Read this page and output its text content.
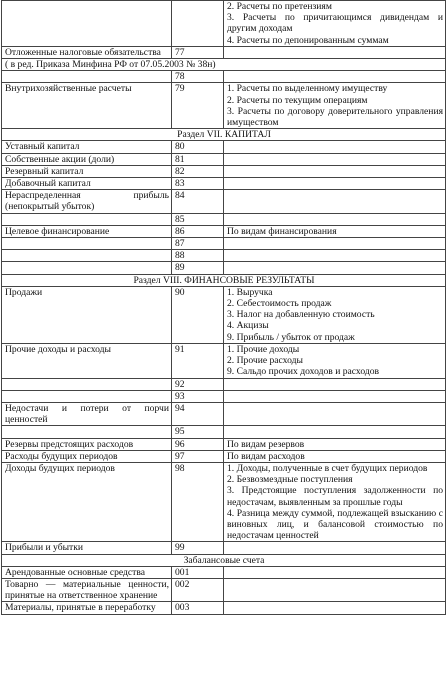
		2. Расчеты по претензиям
3. Расчеты по причитающимся дивидендам и другим доходам
4. Расчеты по депонированным суммам

Отложенные налоговые обязательства	77	
( в ред. Приказа Минфина РФ от 07.05.2003 № 38н)		
	78	
Внутрихозяйственные расчеты	79	1. Расчеты по выделенному имуществу
2. Расчеты по текущим операциям
3. Расчеты по договору доверительного управления имуществом

Раздел VII. КАПИТАЛ		
Уставный капитал	80	
Собственные акции (доли)	81	
Резервный капитал	82	
Добавочный капитал	83	
Нераспределенная прибыль (непокрытый убыток)	84	
	85	
Целевое финансирование	86	По видам финансирования

	87	
	88	
	89	
Раздел VIII. ФИНАНСОВЫЕ РЕЗУЛЬТАТЫ		
Продажи	90	1. Выручка
2. Себестоимость продаж
3. Налог на добавленную стоимость
4. Акцизы
9. Прибыль / убыток от продаж

Прочие доходы и расходы	91	1. Прочие доходы
2. Прочие расходы
9. Сальдо прочих доходов и расходов

	92	
	93	
Недостачи и потери от порчи ценностей	94	
	95	
Резервы предстоящих расходов	96	По видам резервов

Расходы будущих периодов	97	По видам расходов

Доходы будущих периодов	98	1. Доходы, полученные в счет будущих периодов
2. Безвозмездные поступления
3. Предстоящие поступления задолженности по недостачам, выявленным за прошлые годы
4. Разница между суммой, подлежащей взысканию с виновных лиц, и балансовой стоимостью по недостачам ценностей

Прибыли и убытки	99	
Забалансовые счета		
Арендованные основные средства	001	
Товарно — материальные ценности, принятые на ответственное хранение	002	
Материалы, принятые в переработку	003	
